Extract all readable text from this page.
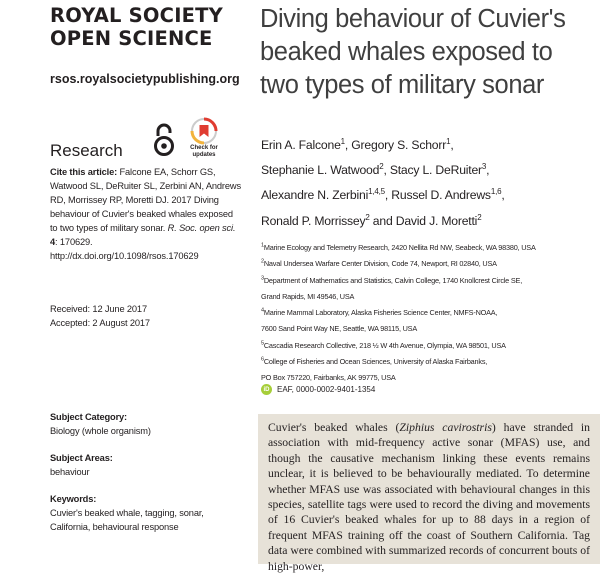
ROYAL SOCIETY
OPEN SCIENCE
rsos.royalsocietypublishing.org
Research	Check for
updates
Cite this article: Falcone EA, Schorr GS,
Watwood SL, DeRuiter SL, Zerbini AN, Andrews
RD, Morrissey RP, Moretti DJ. 2017 Diving
behaviour of Cuvier's beaked whales exposed
to two types of military sonar. R. Soc. open sci.
4: 170629.
http://dx.doi.org/10.1098/rsos.170629
Received: 12 June 2017
Accepted: 2 August 2017
Subject Category:
Biology (whole organism)
Subject Areas:
behaviour
Keywords:
Cuvier's beaked whale, tagging, sonar,
California, behavioural response
Diving behaviour of Cuvier's
beaked whales exposed to
two types of military sonar
Erin A. Falcone$^1$, Gregory S. Schorr$^1$,
Stephanie L. Watwood$^2$, Stacy L. DeRuiter$^3$,
Alexandre N. Zerbini$^{1,4,5}$, Russel D. Andrews$^{1,6}$,
Ronald P. Morrissey$^2$ and David J. Moretti$^2$
$^1$Marine Ecology and Telemetry Research, 2420 Nellita Rd NW, Seabeck, WA 98380, USA
$^2$Naval Undersea Warfare Center Division, Code 74, Newport, RI 02840, USA
$^3$Department of Mathematics and Statistics, Calvin College, 1740 Knollcrest Circle SE,
Grand Rapids, MI 49546, USA
$^4$Marine Mammal Laboratory, Alaska Fisheries Science Center, NMFS-NOAA,
7600 Sand Point Way NE, Seattle, WA 98115, USA
$^5$Cascadia Research Collective, 218 ½ W 4th Avenue, Olympia, WA 98501, USA
$^6$College of Fisheries and Ocean Sciences, University of Alaska Fairbanks,
PO Box 757220, Fairbanks, AK 99775, USA
iD EAF, 0000-0002-9401-1354
Cuvier's beaked whales (Ziphius cavirostris) have stranded in association with mid-frequency active sonar (MFAS) use, and though the causative mechanism linking these events remains unclear, it is believed to be behaviourally mediated. To determine whether MFAS use was associated with behavioural changes in this species, satellite tags were used to record the diving and movements of 16 Cuvier's beaked whales for up to 88 days in a region of frequent MFAS training off the coast of Southern California. Tag data were combined with summarized records of concurrent bouts of high-power,
